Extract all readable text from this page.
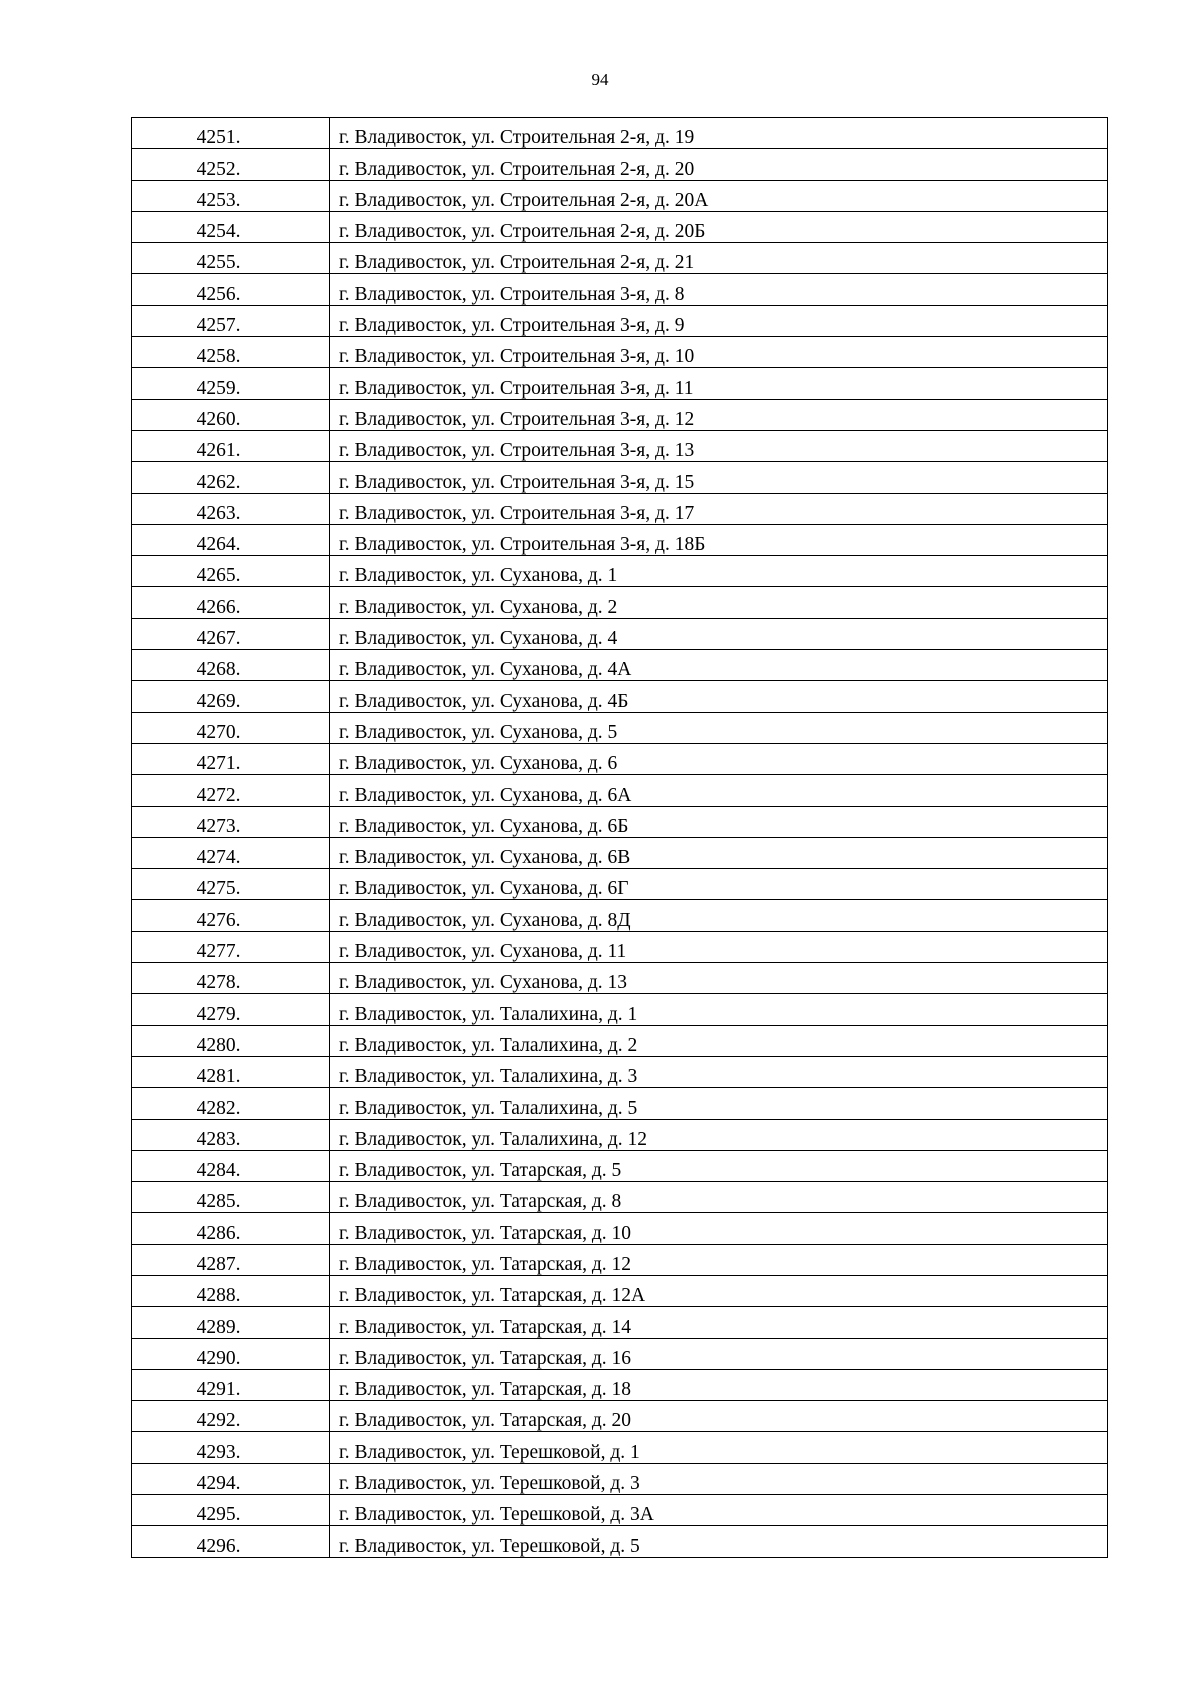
94
4251.	г. Владивосток, ул. Строительная 2-я, д. 19
4252.	г. Владивосток, ул. Строительная 2-я, д. 20
4253.	г. Владивосток, ул. Строительная 2-я, д. 20А
4254.	г. Владивосток, ул. Строительная 2-я, д. 20Б
4255.	г. Владивосток, ул. Строительная 2-я, д. 21
4256.	г. Владивосток, ул. Строительная 3-я, д. 8
4257.	г. Владивосток, ул. Строительная 3-я, д. 9
4258.	г. Владивосток, ул. Строительная 3-я, д. 10
4259.	г. Владивосток, ул. Строительная 3-я, д. 11
4260.	г. Владивосток, ул. Строительная 3-я, д. 12
4261.	г. Владивосток, ул. Строительная 3-я, д. 13
4262.	г. Владивосток, ул. Строительная 3-я, д. 15
4263.	г. Владивосток, ул. Строительная 3-я, д. 17
4264.	г. Владивосток, ул. Строительная 3-я, д. 18Б
4265.	г. Владивосток, ул. Суханова, д. 1
4266.	г. Владивосток, ул. Суханова, д. 2
4267.	г. Владивосток, ул. Суханова, д. 4
4268.	г. Владивосток, ул. Суханова, д. 4А
4269.	г. Владивосток, ул. Суханова, д. 4Б
4270.	г. Владивосток, ул. Суханова, д. 5
4271.	г. Владивосток, ул. Суханова, д. 6
4272.	г. Владивосток, ул. Суханова, д. 6А
4273.	г. Владивосток, ул. Суханова, д. 6Б
4274.	г. Владивосток, ул. Суханова, д. 6В
4275.	г. Владивосток, ул. Суханова, д. 6Г
4276.	г. Владивосток, ул. Суханова, д. 8Д
4277.	г. Владивосток, ул. Суханова, д. 11
4278.	г. Владивосток, ул. Суханова, д. 13
4279.	г. Владивосток, ул. Талалихина, д. 1
4280.	г. Владивосток, ул. Талалихина, д. 2
4281.	г. Владивосток, ул. Талалихина, д. 3
4282.	г. Владивосток, ул. Талалихина, д. 5
4283.	г. Владивосток, ул. Талалихина, д. 12
4284.	г. Владивосток, ул. Татарская, д. 5
4285.	г. Владивосток, ул. Татарская, д. 8
4286.	г. Владивосток, ул. Татарская, д. 10
4287.	г. Владивосток, ул. Татарская, д. 12
4288.	г. Владивосток, ул. Татарская, д. 12А
4289.	г. Владивосток, ул. Татарская, д. 14
4290.	г. Владивосток, ул. Татарская, д. 16
4291.	г. Владивосток, ул. Татарская, д. 18
4292.	г. Владивосток, ул. Татарская, д. 20
4293.	г. Владивосток, ул. Терешковой, д. 1
4294.	г. Владивосток, ул. Терешковой, д. 3
4295.	г. Владивосток, ул. Терешковой, д. 3А
4296.	г. Владивосток, ул. Терешковой, д. 5
